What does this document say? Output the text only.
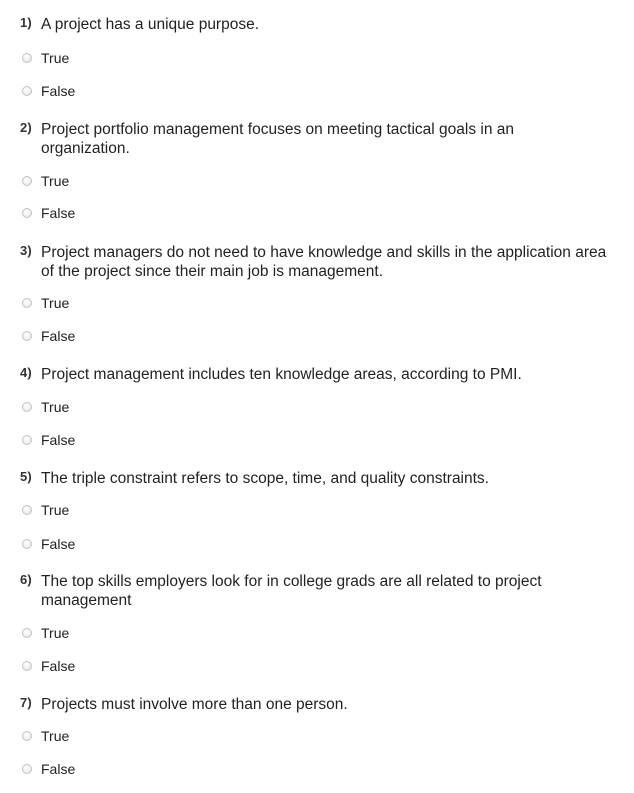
1) A project has a unique purpose.
True
False
2) Project portfolio management focuses on meeting tactical goals in an organization.
True
False
3) Project managers do not need to have knowledge and skills in the application area of the project since their main job is management.
True
False
4) Project management includes ten knowledge areas, according to PMI.
True
False
5) The triple constraint refers to scope, time, and quality constraints.
True
False
6) The top skills employers look for in college grads are all related to project management
True
False
7) Projects must involve more than one person.
True
False
